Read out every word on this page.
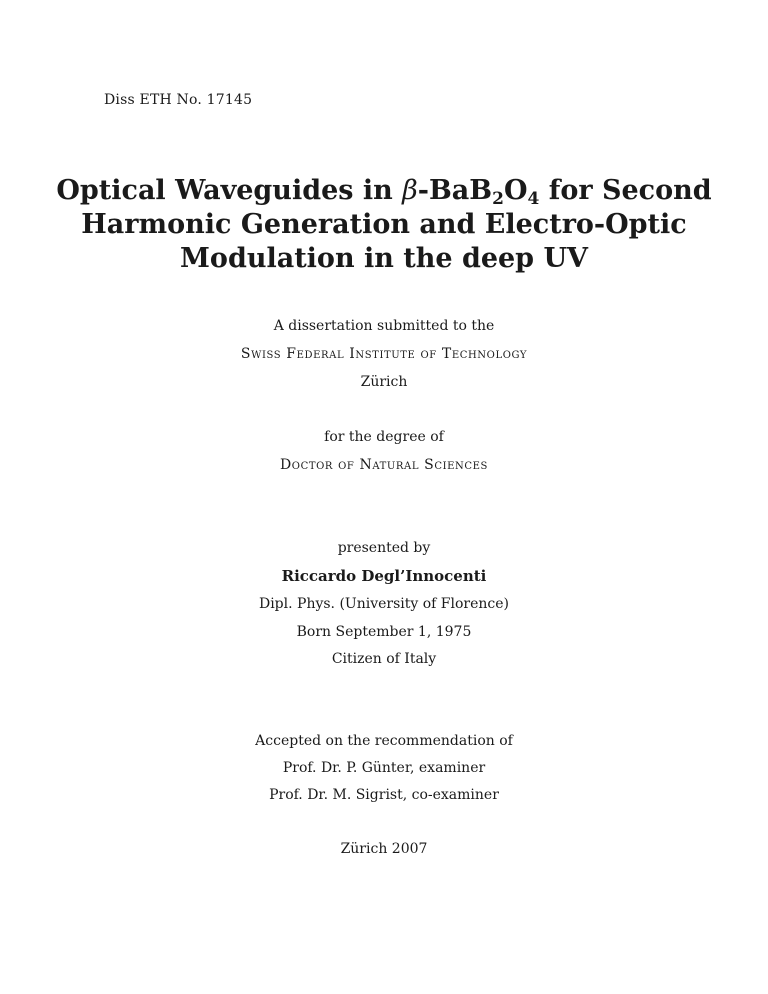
Diss ETH No. 17145
Optical Waveguides in $\beta-BaB_2O_4$ for Second
Harmonic Generation and Electro-Optic
Modulation in the deep UV
A dissertation submitted to the
Swiss Federal Institute of Technology
Zürich
for the degree of
Doctor of Natural Sciences
presented by
Riccardo Degl’Innocenti
Dipl. Phys. (University of Florence)
Born September 1, 1975
Citizen of Italy
Accepted on the recommendation of
Prof. Dr. P. Günter, examiner
Prof. Dr. M. Sigrist, co-examiner
Zürich 2007
